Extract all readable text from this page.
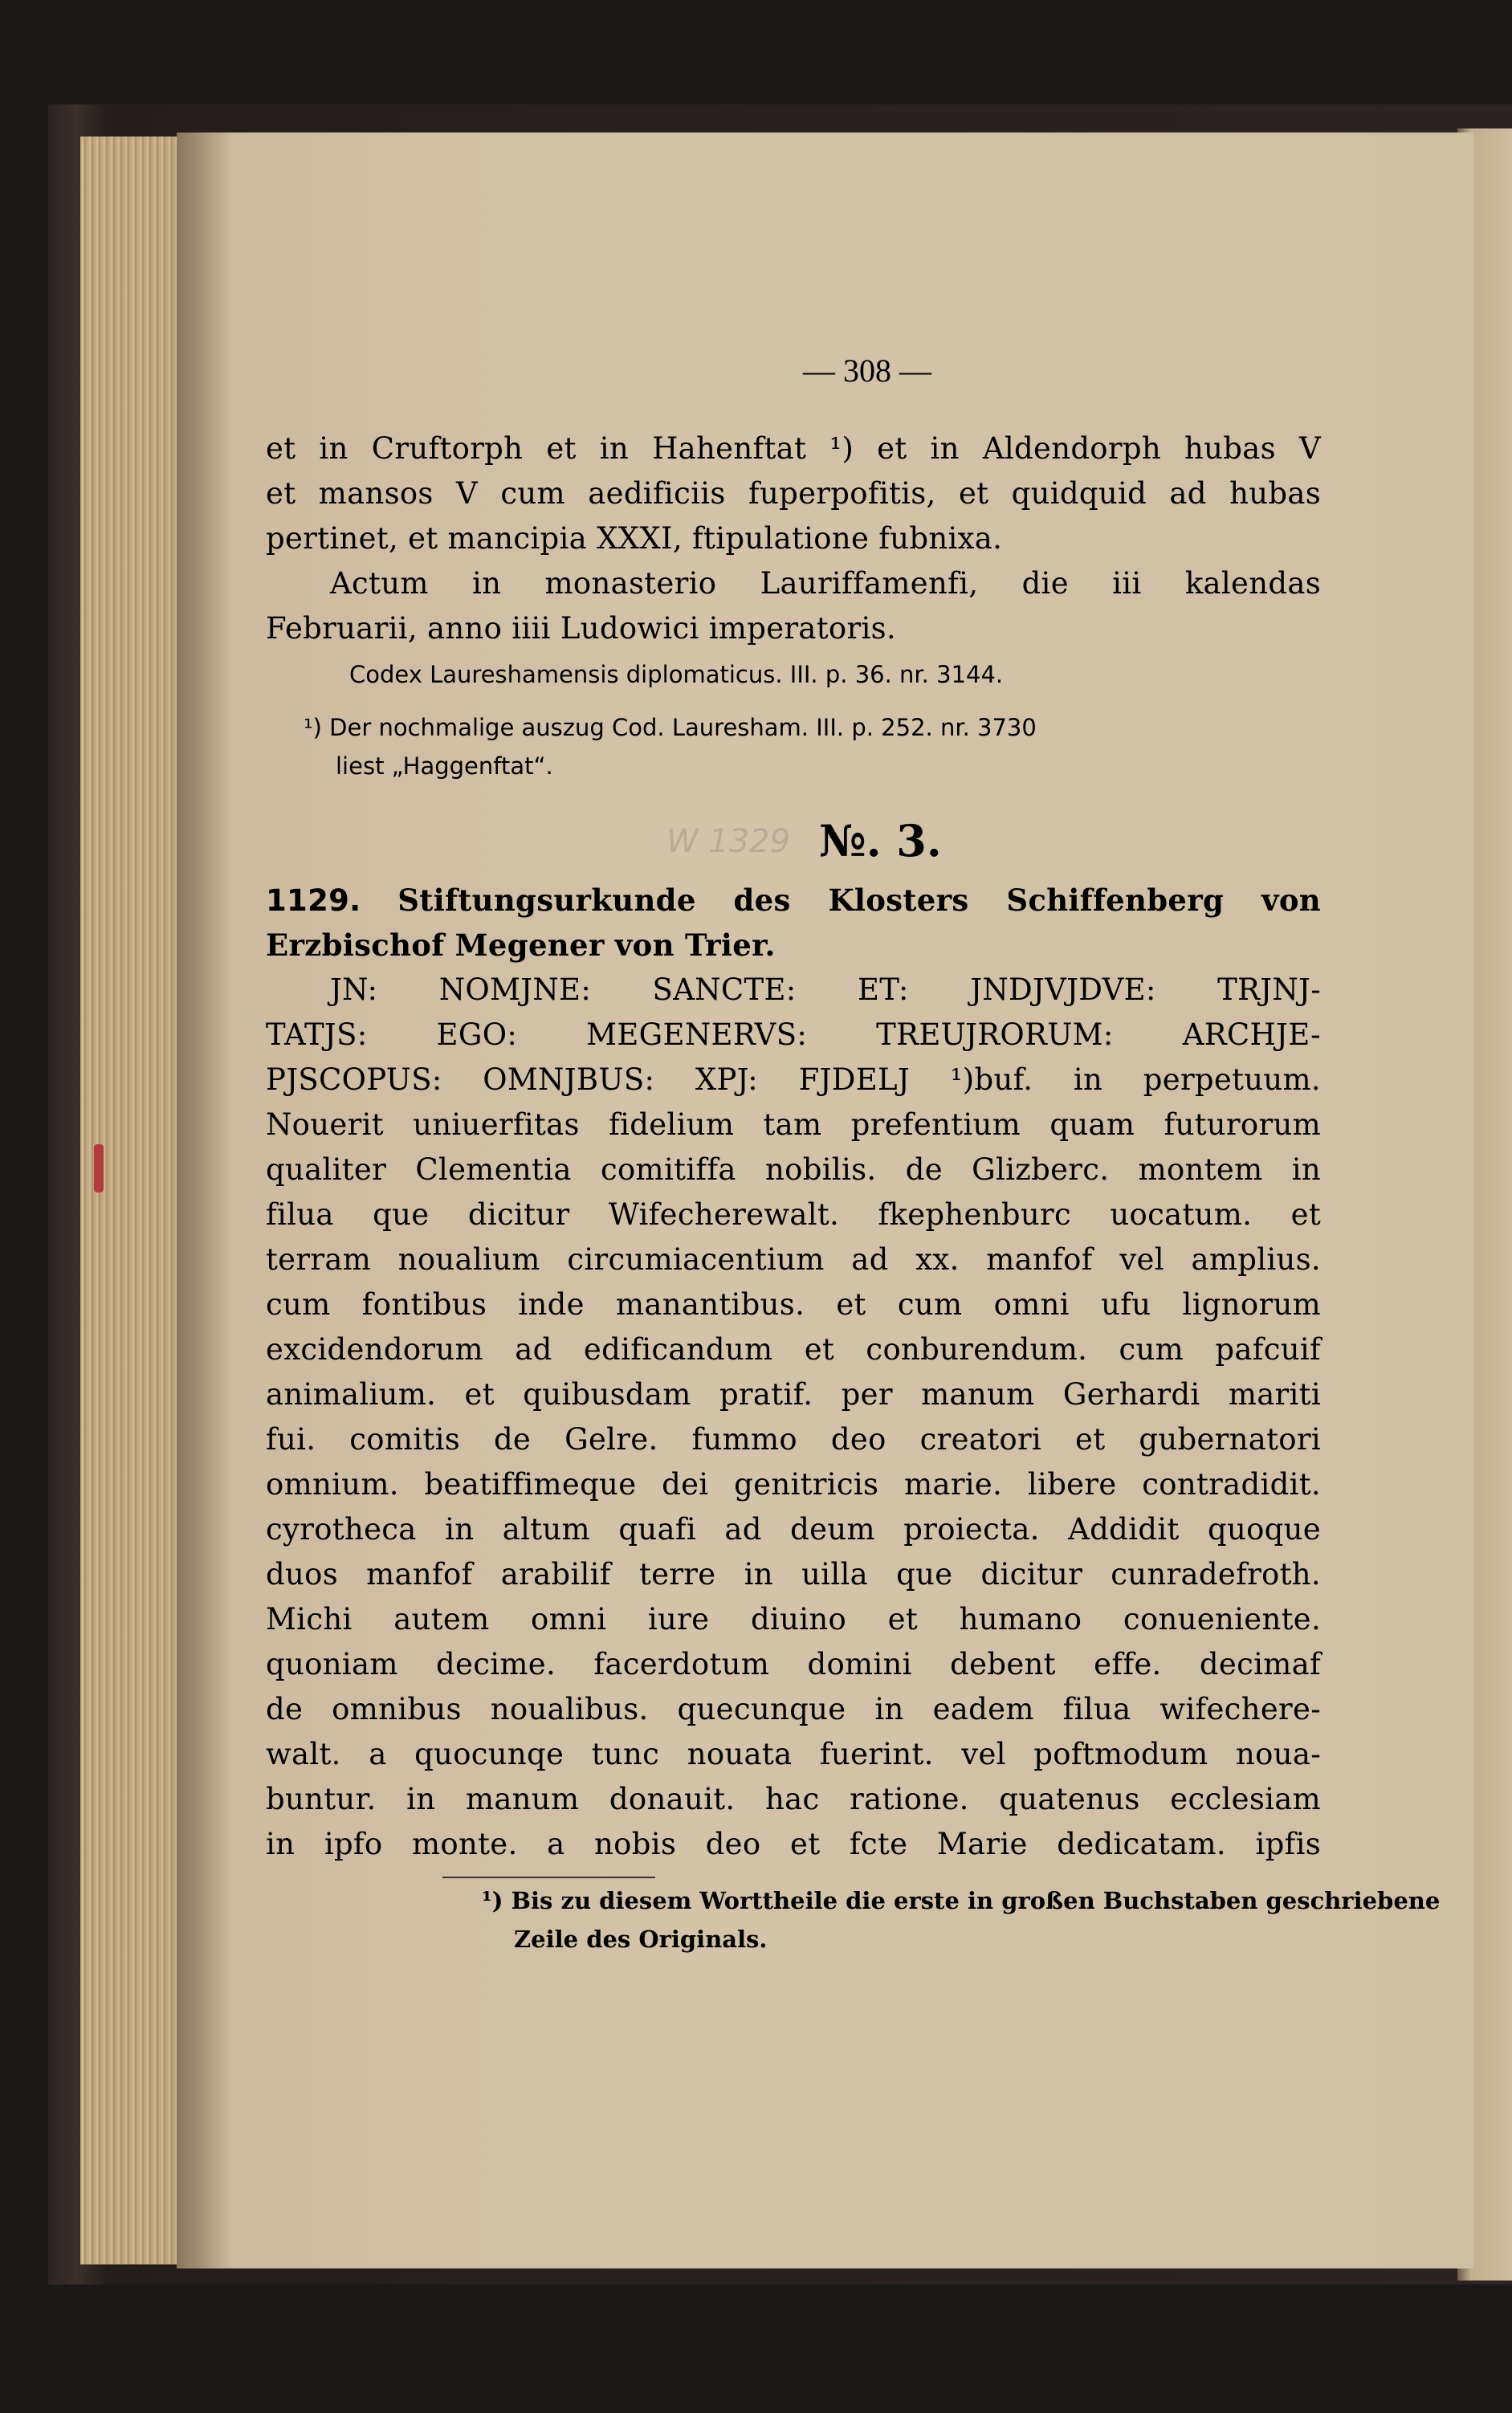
— 308 —
et in Cruftorph et in Hahenftat ¹) et in Aldendorph hubas V
et mansos V cum aedificiis fuperpofitis, et quidquid ad hubas
pertinet, et mancipia XXXI, ftipulatione fubnixa.
Actum in monasterio Lauriffamenfi, die iii kalendas
Februarii, anno iiii Ludowici imperatoris.
Codex Laureshamensis diplomaticus. III. p. 36. nr. 3144.
¹) Der nochmalige auszug Cod. Lauresham. III. p. 252. nr. 3730
liest „Haggenftat“.
W 1329 №. 3.
1129. Stiftungsurkunde des Klosters Schiffenberg von
Erzbischof Megener von Trier.
JN: NOMJNE: SANCTE: ET: JNDJVJDVE: TRJNJ-
TATJS: EGO: MEGENERVS: TREUJRORUM: ARCHJE-
PJSCOPUS: OMNJBUS: XPJ: FJDELJ ¹)buf. in perpetuum.
Nouerit uniuerfitas fidelium tam prefentium quam futurorum
qualiter Clementia comitiffa nobilis. de Glizberc. montem in
filua que dicitur Wifecherewalt. fkephenburc uocatum. et
terram noualium circumiacentium ad xx. manfof vel amplius.
cum fontibus inde manantibus. et cum omni ufu lignorum
excidendorum ad edificandum et conburendum. cum pafcuif
animalium. et quibusdam pratif. per manum Gerhardi mariti
fui. comitis de Gelre. fummo deo creatori et gubernatori
omnium. beatiffimeque dei genitricis marie. libere contradidit.
cyrotheca in altum quafi ad deum proiecta. Addidit quoque
duos manfof arabilif terre in uilla que dicitur cunradefroth.
Michi autem omni iure diuino et humano conueniente.
quoniam decime. facerdotum domini debent effe. decimaf
de omnibus noualibus. quecunque in eadem filua wifechere-
walt. a quocunqe tunc nouata fuerint. vel poftmodum noua-
buntur. in manum donauit. hac ratione. quatenus ecclesiam
in ipfo monte. a nobis deo et fcte Marie dedicatam. ipfis
¹) Bis zu diesem Worttheile die erste in großen Buchstaben geschriebene
Zeile des Originals.
